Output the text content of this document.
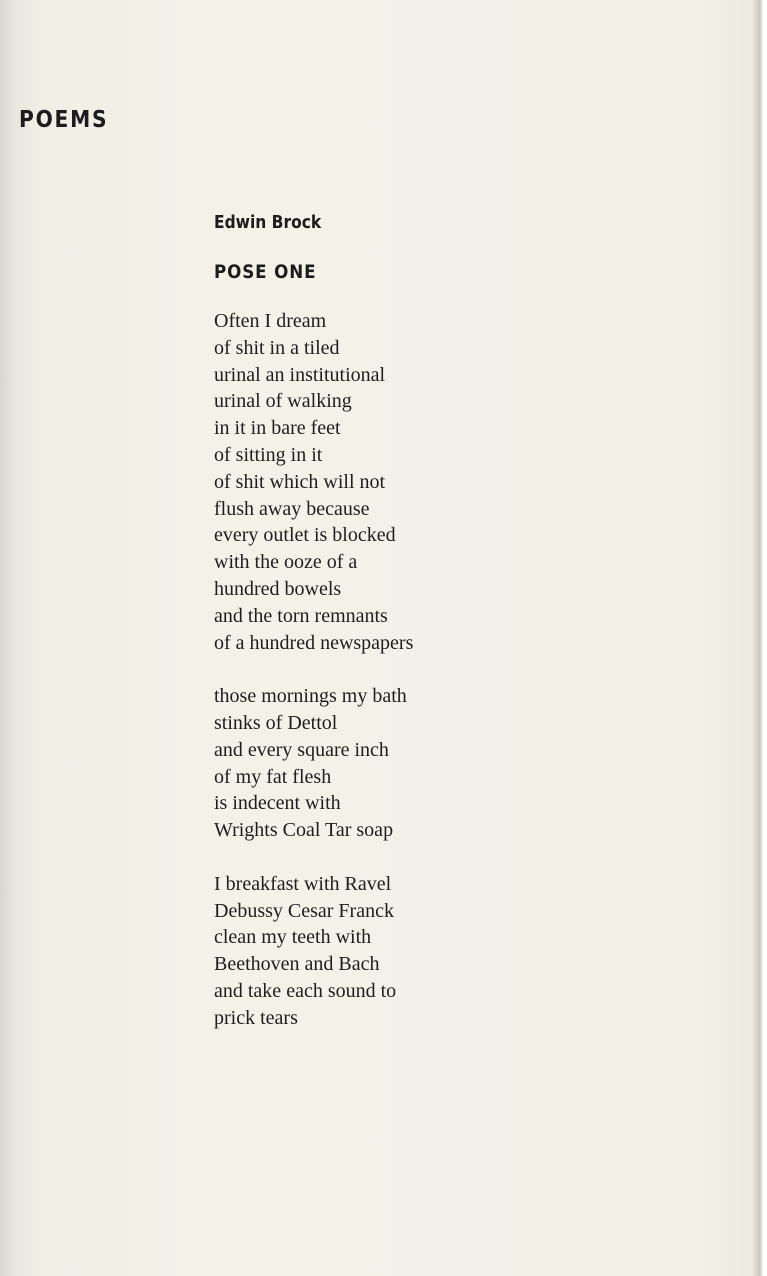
POEMS
Edwin Brock
POSE ONE
Often I dream
of shit in a tiled
urinal an institutional
urinal of walking
in it in bare feet
of sitting in it
of shit which will not
flush away because
every outlet is blocked
with the ooze of a
hundred bowels
and the torn remnants
of a hundred newspapers
those mornings my bath
stinks of Dettol
and every square inch
of my fat flesh
is indecent with
Wrights Coal Tar soap
I breakfast with Ravel
Debussy Cesar Franck
clean my teeth with
Beethoven and Bach
and take each sound to
prick tears
